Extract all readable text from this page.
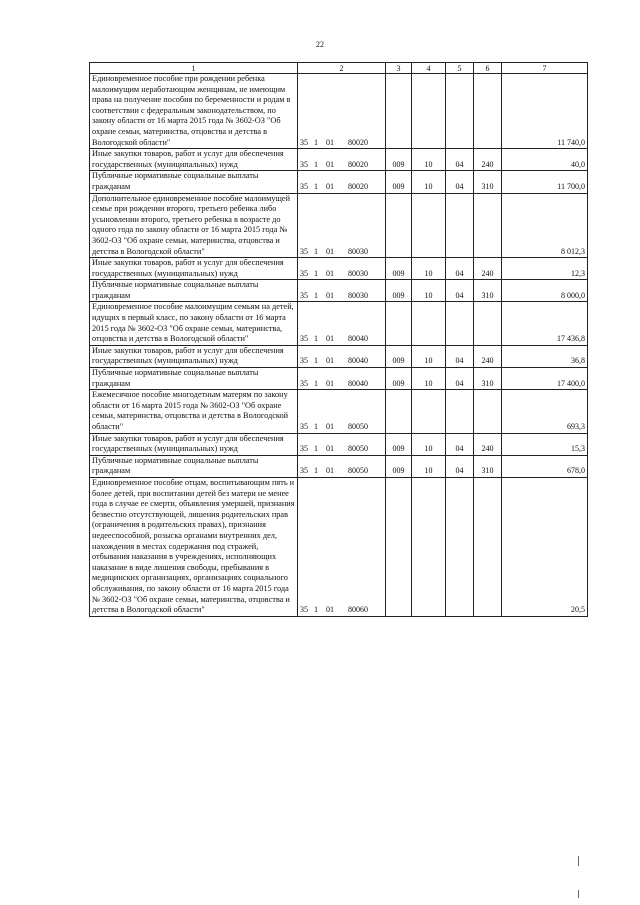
22
1	2	3	4	5	6	7
Единовременное пособие при рождении ребенка малоимущим неработающим женщинам, не имеющим права на получение пособия по беременности и родам в соответствии с федеральным законодательством, по закону области от 16 марта 2015 года № 3602-ОЗ "Об охране семьи, материнства, отцовства и детства в Вологодской области"	35 1 01 80020					11 740,0
Иные закупки товаров, работ и услуг для обеспечения государственных (муниципальных) нужд	35 1 01 80020	009	10	04	240	40,0
Публичные нормативные социальные выплаты гражданам	35 1 01 80020	009	10	04	310	11 700,0
Дополнительное единовременное пособие малоимущей семье при рождении второго, третьего ребенка либо усыновлении второго, третьего ребенка в возрасте до одного года по закону области от 16 марта 2015 года № 3602-ОЗ "Об охране семьи, материнства, отцовства и детства в Вологодской области"	35 1 01 80030					8 012,3
Иные закупки товаров, работ и услуг для обеспечения государственных (муниципальных) нужд	35 1 01 80030	009	10	04	240	12,3
Публичные нормативные социальные выплаты гражданам	35 1 01 80030	009	10	04	310	8 000,0
Единовременное пособие малоимущим семьям на детей, идущих в первый класс, по закону области от 16 марта 2015 года № 3602-ОЗ "Об охране семьи, материнства, отцовства и детства в Вологодской области"	35 1 01 80040					17 436,8
Иные закупки товаров, работ и услуг для обеспечения государственных (муниципальных) нужд	35 1 01 80040	009	10	04	240	36,8
Публичные нормативные социальные выплаты гражданам	35 1 01 80040	009	10	04	310	17 400,0
Ежемесячное пособие многодетным матерям по закону области от 16 марта 2015 года № 3602-ОЗ "Об охране семьи, материнства, отцовства и детства в Вологодской области"	35 1 01 80050					693,3
Иные закупки товаров, работ и услуг для обеспечения государственных (муниципальных) нужд	35 1 01 80050	009	10	04	240	15,3
Публичные нормативные социальные выплаты гражданам	35 1 01 80050	009	10	04	310	678,0
Единовременное пособие отцам, воспитывающим пять и более детей, при воспитании детей без матери не менее года в случае ее смерти, объявления умершей, признания безвестно отсутствующей, лишения родительских прав (ограничения в родительских правах), признания недееспособной, розыска органами внутренних дел, нахождения в местах содержания под стражей, отбывания наказания в учреждениях, исполняющих наказание в виде лишения свободы, пребывания в медицинских организациях, организациях социального обслуживания, по закону области от 16 марта 2015 года № 3602-ОЗ "Об охране семьи, материнства, отцовства и детства в Вологодской области"	35 1 01 80060					20,5
